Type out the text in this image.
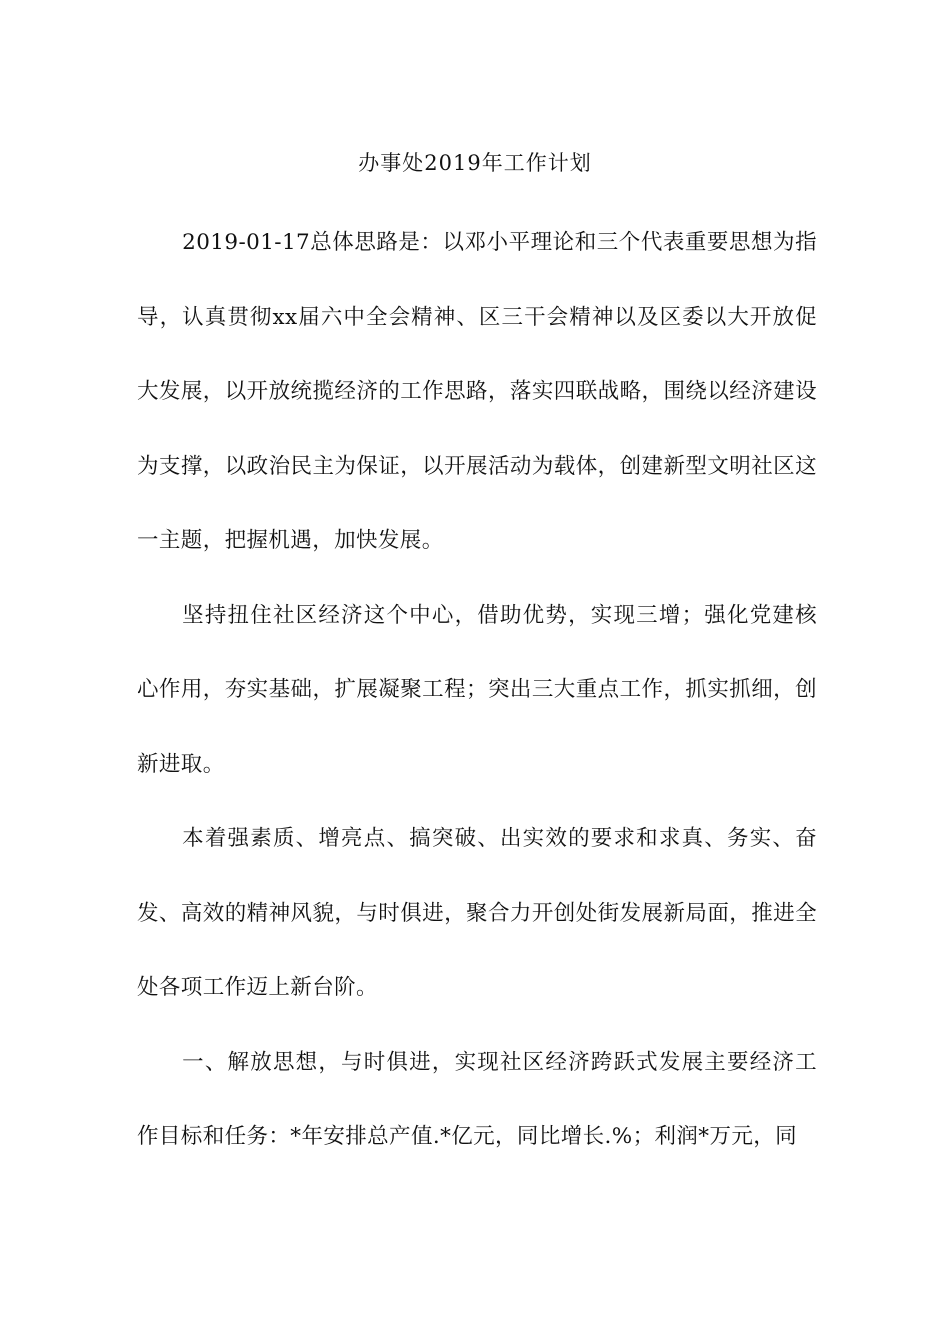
办事处2019年工作计划

2019-01-17总体思路是：以邓小平理论和三个代表重要思想为指导，认真贯彻xx届六中全会精神、区三干会精神以及区委以大开放促大发展，以开放统揽经济的工作思路，落实四联战略，围绕以经济建设为支撑，以政治民主为保证，以开展活动为载体，创建新型文明社区这一主题，把握机遇，加快发展。

坚持扭住社区经济这个中心，借助优势，实现三增；强化党建核心作用，夯实基础，扩展凝聚工程；突出三大重点工作，抓实抓细，创新进取。

本着强素质、增亮点、搞突破、出实效的要求和求真、务实、奋发、高效的精神风貌，与时俱进，聚合力开创处街发展新局面，推进全处各项工作迈上新台阶。

一、解放思想，与时俱进，实现社区经济跨跃式发展主要经济工作目标和任务：*年安排总产值.*亿元，同比增长.%；利润*万元，同
